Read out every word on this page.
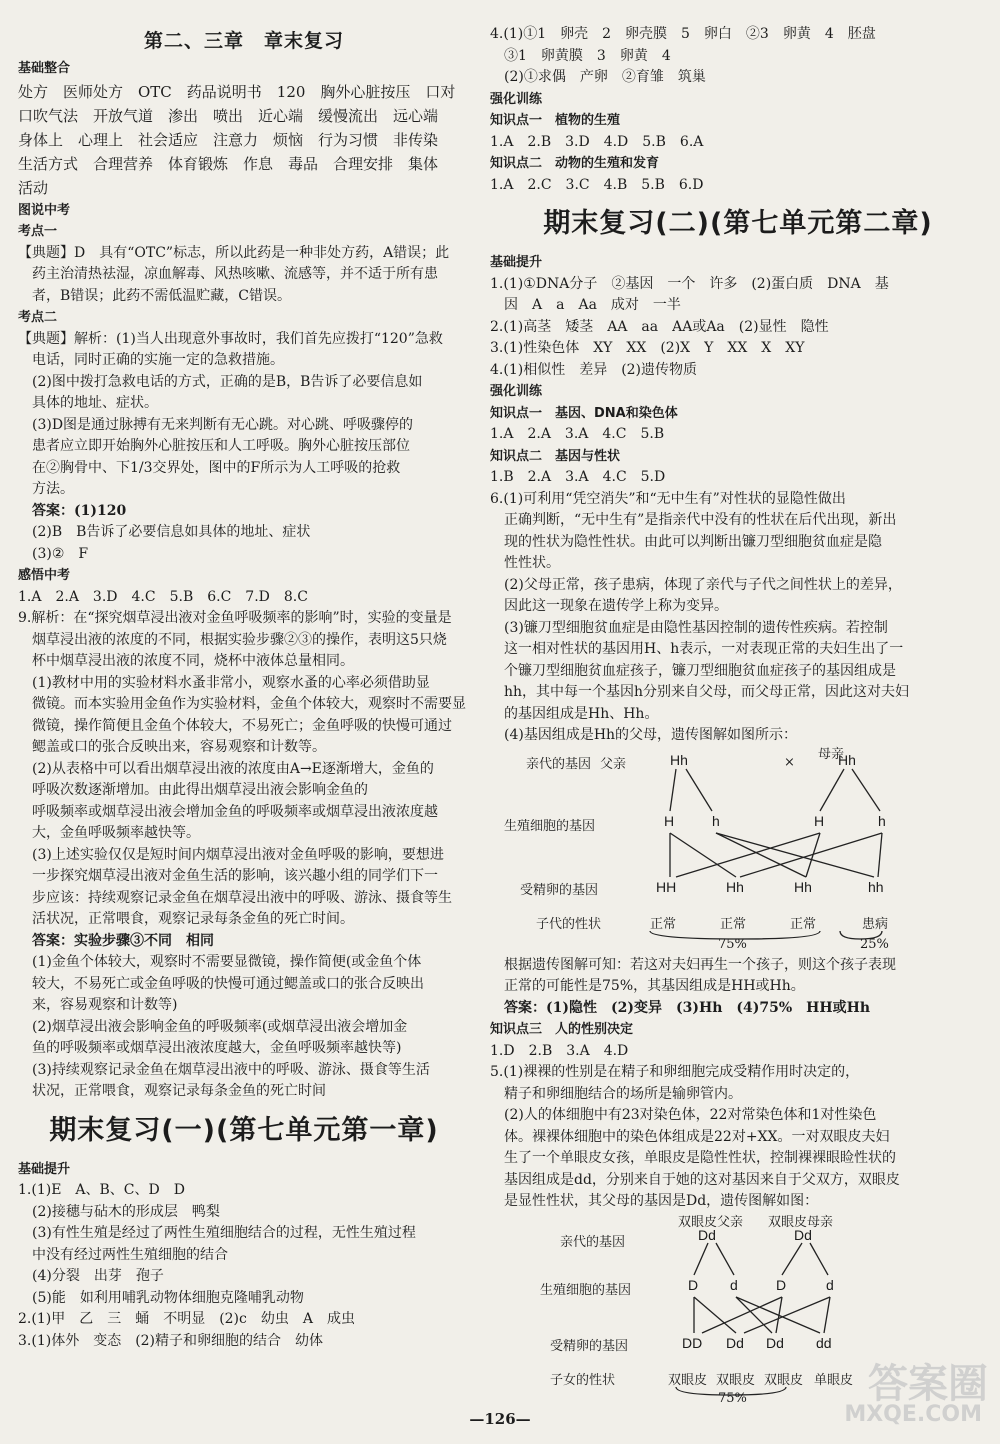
第二、三章　章末复习
基础整合
处方　医师处方　OTC　药品说明书　120　胸外心脏按压　口对
口吹气法　开放气道　渗出　喷出　近心端　缓慢流出　远心端
身体上　心理上　社会适应　注意力　烦恼　行为习惯　非传染
生活方式　合理营养　体育锻炼　作息　毒品　合理安排　集体
活动
图说中考
考点一
【典题】D　具有“OTC”标志，所以此药是一种非处方药，A错误；此
药主治清热祛湿，凉血解毒、风热咳嗽、流感等，并不适于所有患
者，B错误；此药不需低温贮藏，C错误。
考点二
【典题】解析：(1)当人出现意外事故时，我们首先应拨打“120”急救
电话，同时正确的实施一定的急救措施。
(2)图中拨打急救电话的方式，正确的是B，B告诉了必要信息如
具体的地址、症状。
(3)D图是通过脉搏有无来判断有无心跳。对心跳、呼吸骤停的
患者应立即开始胸外心脏按压和人工呼吸。胸外心脏按压部位
在②胸骨中、下1/3交界处，图中的F所示为人工呼吸的抢救
方法。
　答案：(1)120
(2)B　B告诉了必要信息如具体的地址、症状
(3)②　F
感悟中考
1.A　2.A　3.D　4.C　5.B　6.C　7.D　8.C
9.解析：在“探究烟草浸出液对金鱼呼吸频率的影响”时，实验的变量是
烟草浸出液的浓度的不同，根据实验步骤②③的操作，表明这5只烧
杯中烟草浸出液的浓度不同，烧杯中液体总量相同。
(1)教材中用的实验材料水蚤非常小，观察水蚤的心率必须借助显
微镜。而本实验用金鱼作为实验材料，金鱼个体较大，观察时不需要显
微镜，操作简便且金鱼个体较大，不易死亡；金鱼呼吸的快慢可通过
鳃盖或口的张合反映出来，容易观察和计数等。
(2)从表格中可以看出烟草浸出液的浓度由A→E逐渐增大，金鱼的
呼吸次数逐渐增加。由此得出烟草浸出液会影响金鱼的
呼吸频率或烟草浸出液会增加金鱼的呼吸频率或烟草浸出液浓度越
大，金鱼呼吸频率越快等。
(3)上述实验仅仅是短时间内烟草浸出液对金鱼呼吸的影响，要想进
一步探究烟草浸出液对金鱼生活的影响，该兴趣小组的同学们下一
步应该：持续观察记录金鱼在烟草浸出液中的呼吸、游泳、摄食等生
活状况，正常喂食，观察记录每条金鱼的死亡时间。
　答案：实验步骤③不同　相同
(1)金鱼个体较大，观察时不需要显微镜，操作简便(或金鱼个体
较大，不易死亡或金鱼呼吸的快慢可通过鳃盖或口的张合反映出
来，容易观察和计数等)
(2)烟草浸出液会影响金鱼的呼吸频率(或烟草浸出液会增加金
鱼的呼吸频率或烟草浸出液浓度越大，金鱼呼吸频率越快等)
(3)持续观察记录金鱼在烟草浸出液中的呼吸、游泳、摄食等生活
状况，正常喂食，观察记录每条金鱼的死亡时间
期末复习(一)(第七单元第一章)
基础提升
1.(1)E　A、B、C、D　D
(2)接穗与砧木的形成层　鸭梨
(3)有性生殖是经过了两性生殖细胞结合的过程，无性生殖过程
中没有经过两性生殖细胞的结合
(4)分裂　出芽　孢子
(5)能　如利用哺乳动物体细胞克隆哺乳动物
2.(1)甲　乙　三　蛹　不明显　(2)c　幼虫　A　成虫
3.(1)体外　变态　(2)精子和卵细胞的结合　幼体
4.(1)①1　卵壳　2　卵壳膜　5　卵白　②3　卵黄　4　胚盘
③1　卵黄膜　3　卵黄　4
(2)①求偶　产卵　②育雏　筑巢
强化训练
知识点一　植物的生殖
1.A　2.B　3.D　4.D　5.B　6.A
知识点二　动物的生殖和发育
1.A　2.C　3.C　4.B　5.B　6.D
期末复习(二)(第七单元第二章)
基础提升
1.(1)①DNA分子　②基因　一个　许多　(2)蛋白质　DNA　基
因　A　a　Aa　成对　一半
2.(1)高茎　矮茎　AA　aa　AA或Aa　(2)显性　隐性
3.(1)性染色体　XY　XX　(2)X　Y　XX　X　XY
4.(1)相似性　差异　(2)遗传物质
强化训练
知识点一　基因、DNA和染色体
1.A　2.A　3.A　4.C　5.B
知识点二　基因与性状
1.B　2.A　3.A　4.C　5.D
6.(1)可利用“凭空消失”和“无中生有”对性状的显隐性做出
正确判断，“无中生有”是指亲代中没有的性状在后代出现，新出
现的性状为隐性性状。由此可以判断出镰刀型细胞贫血症是隐
性性状。
(2)父母正常，孩子患病，体现了亲代与子代之间性状上的差异，
因此这一现象在遗传学上称为变异。
(3)镰刀型细胞贫血症是由隐性基因控制的遗传性疾病。若控制
这一相对性状的基因用H、h表示，一对表现正常的夫妇生出了一
个镰刀型细胞贫血症孩子，镰刀型细胞贫血症孩子的基因组成是
hh，其中每一个基因h分别来自父母，而父母正常，因此这对夫妇
的基因组成是Hh、Hh。
(4)基因组成是Hh的父母，遗传图解如图所示：
亲代的基因 父亲	Hh	×
母亲
Hh
生殖细胞的基因	H	h	H	h
受精卵的基因	HH	Hh	Hh	hh
子代的性状	正常	正常	正常	患病
75%	25%
根据遗传图解可知：若这对夫妇再生一个孩子，则这个孩子表现
正常的可能性是75%，其基因组成是HH或Hh。
　答案：(1)隐性　(2)变异　(3)Hh　(4)75%　HH或Hh
知识点三　人的性别决定
1.D　2.B　3.A　4.D
5.(1)裸裸的性别是在精子和卵细胞完成受精作用时决定的，
精子和卵细胞结合的场所是输卵管内。
(2)人的体细胞中有23对染色体，22对常染色体和1对性染色
体。裸裸体细胞中的染色体组成是22对+XX。一对双眼皮夫妇
生了一个单眼皮女孩，单眼皮是隐性性状，控制裸裸眼睑性状的
基因组成是dd，分别来自于她的这对基因来自于父双方，双眼皮
是显性性状，其父母的基因是Dd，遗传图解如图：
双眼皮父亲 双眼皮母亲
亲代的基因	Dd	Dd
生殖细胞的基因	D d	D	d
受精卵的基因	DD Dd Dd dd
子女的性状	双眼皮 双眼皮 双眼皮 单眼皮
75%
—126—
答案圈
MXQE.COM
